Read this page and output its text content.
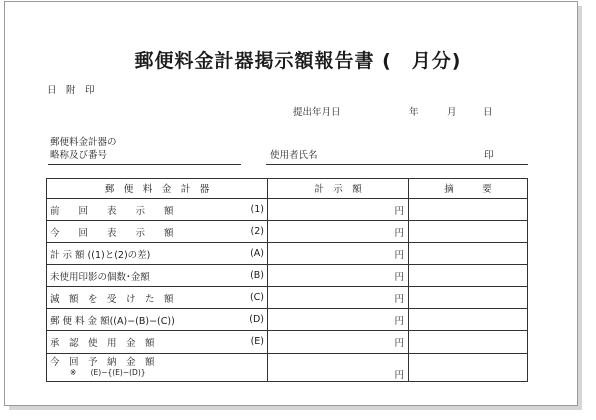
郵便料金計器掲示額報告書 (　月分)
日　附　印
提出年月日	年	月	日
郵便料金計器の
略称及び番号	使用者氏名	印
郵　便　料　金　計　器	計　示　額	摘　　　要

前　　回　　表　　示　　額 (1)	円	

今　　回　　表　　示　　額 (2)	円	

計 示 額 ((1)と(2)の差) (A)	円	

未使用印影の個数･金額 (B)	円	

減　額　を　受　け　た　額 (C)	円	

郵 便 料 金 額((A)−(B)−(C)) (D)	円	

承　認　使　用　金　額 (E)	円	
今　回　予　納　金　額
※ (E)−{(E)−(D)}	円	
